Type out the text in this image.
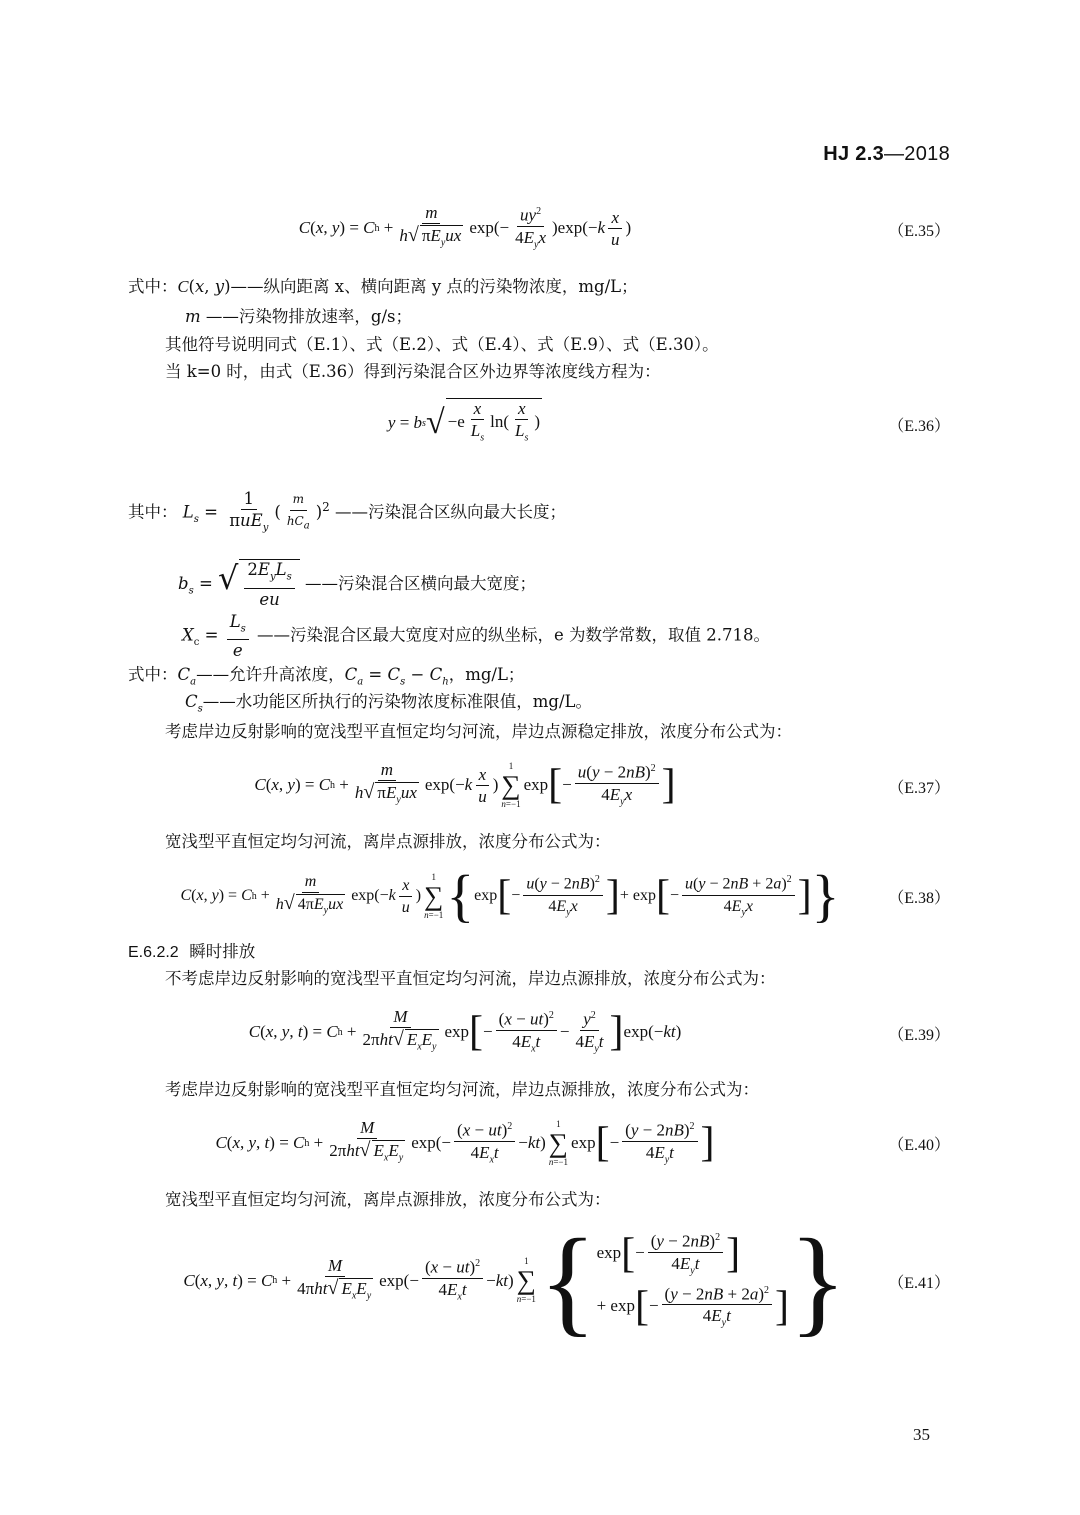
HJ 2.3—2018
C ( x , y ) = C $h + \frac{m}{h√ \pi E_yux} \exp(- \frac{uy^2}{4E_yx} )\exp(- k \frac{x}{u}$ )	（E.35）
式中：C(x, y)——纵向距离 x、横向距离 y 点的污染物浓度，mg/L；
m ——污染物排放速率，g/s；
其他符号说明同式（E.1）、式（E.2）、式（E.4）、式（E.9）、式（E.30）。
当 k=0 时，由式（E.36）得到污染混合区外边界等浓度线方程为：
y = b s √ $-e \frac{x}{L_s} \ln( \frac{x}{L_s}$ )	（E.36）
其中： $L_s = \frac{1}{\pi uE_y}$ ( $\frac{m}{hC_a} )^2$ ——污染混合区纵向最大长度；
$b_s$ = √ $\frac{2E_yL_s}{eu}$ ——污染混合区横向最大宽度；
$X_c = \frac{L_s}{e}$ ——污染混合区最大宽度对应的纵坐标，e 为数学常数，取值 2.718。
式中：$C_a——$允许升高浓度，$C_a = C_s - C_h$，mg/L；
$C_s——$水功能区所执行的污染物浓度标准限值，mg/L。
考虑岸边反射影响的宽浅型平直恒定均匀河流，岸边点源稳定排放，浓度分布公式为：
C ( x , y ) = C $h + \frac{m}{h√ \pi E_yux} \exp(- k \frac{x}{u}$ )
1
∑
n=−1
exp [ − $\frac{u(y - 2nB)^2}{4E_yx}$ ]	（E.37）
宽浅型平直恒定均匀河流，离岸点源排放，浓度分布公式为：
C ( x , y ) = C $h + \frac{m}{h√ 4\pi E_yux} \exp(- k \frac{x}{u}$ )
1
∑
n=−1 { exp [ − $\frac{u(y - 2nB)^2}{4E_yx}$ ] + exp [ − $\frac{u(y - 2nB + 2a)^2}{4E_yx}$ ] }	（E.38）
E.6.2.2 瞬时排放
不考虑岸边反射影响的宽浅型平直恒定均匀河流，岸边点源排放，浓度分布公式为：
C ( x , y , t ) = C $h + \frac{M}{2\pi ht√ E_xE_y}$ exp [ − $\frac{(x - ut)^2}{4E_xt} - \frac{y^2}{4E_yt}$ ] exp(− kt )	（E.39）
考虑岸边反射影响的宽浅型平直恒定均匀河流，岸边点源排放，浓度分布公式为：
C ( x , y , t ) = C $h + \frac{M}{2\pi ht√ E_xE_y} \exp(- \frac{(x - ut)^2}{4E_xt}$ − kt )
1
∑
n=−1
exp [ − $\frac{(y - 2nB)^2}{4E_yt}$ ]	（E.40）
宽浅型平直恒定均匀河流，离岸点源排放，浓度分布公式为：
C ( x , y , t ) = C $h + \frac{M}{4\pi ht√ E_xE_y} \exp(- \frac{(x - ut)^2}{4E_xt}$ − kt )
1
∑
n=−1 { $\exp[- \frac{(y - 2nB)^2}{4E_yt}$ ]
+ $\exp[- \frac{(y - 2nB + 2a)^2}{4E_yt}$ ] }	（E.41）
35
